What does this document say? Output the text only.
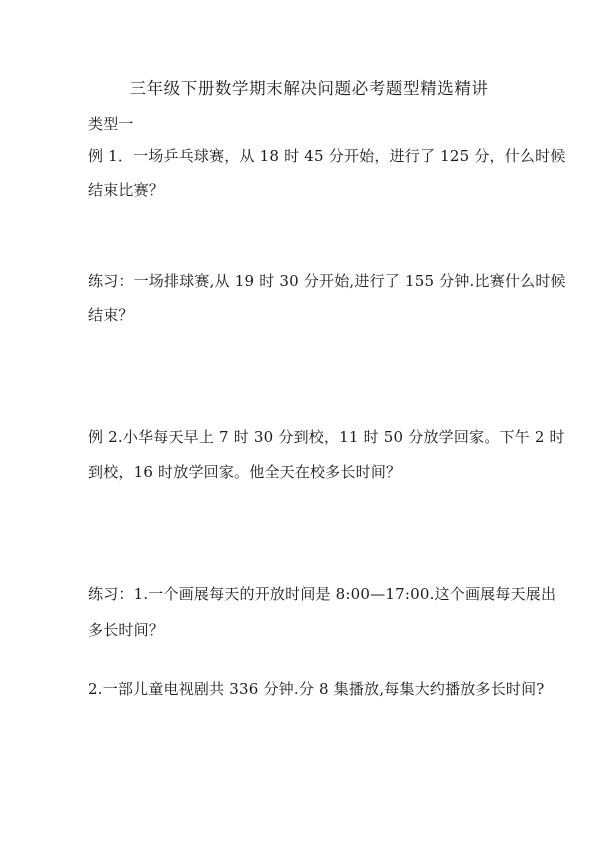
三年级下册数学期末解决问题必考题型精选精讲
类型一
例 1．一场乒乓球赛，从 18 时 45 分开始，进行了 125 分，什么时候
结束比赛？
练习：一场排球赛,从 19 时 30 分开始,进行了 155 分钟.比赛什么时候
结束？
例 2.小华每天早上 7 时 30 分到校，11 时 50 分放学回家。下午 2 时
到校，16 时放学回家。他全天在校多长时间？
练习：1.一个画展每天的开放时间是 8:00—17:00.这个画展每天展出
多长时间？
2.一部儿童电视剧共 336 分钟.分 8 集播放,每集大约播放多长时间?
